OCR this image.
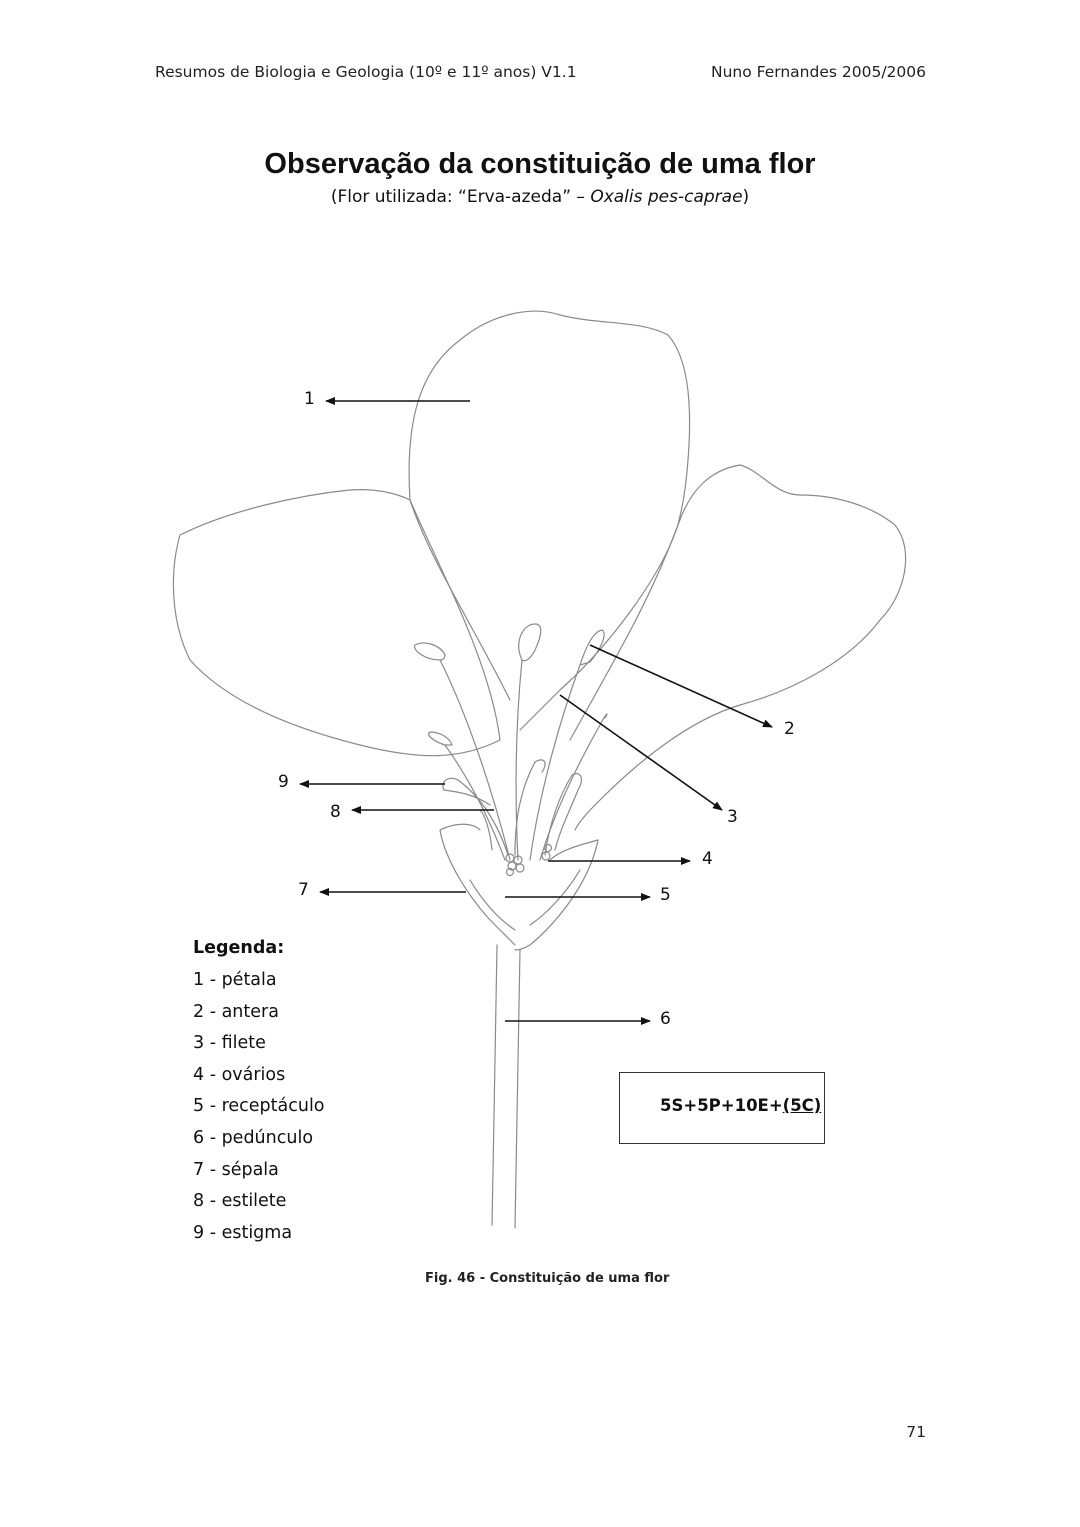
Resumos de Biologia e Geologia (10º e 11º anos) V1.1	Nuno Fernandes 2005/2006
Observação da constituição de uma flor
(Flor utilizada: “Erva-azeda” – Oxalis pes-caprae)
1
2
3
4
5
6
7
8
9
Legenda:
1 - pétala
2 - antera
3 - filete
4 - ovários
5 - receptáculo
6 - pedúnculo
7 - sépala
8 - estilete
9 - estigma
5S+5P+10E+(5C)
Fig. 46 - Constituição de uma flor
71
